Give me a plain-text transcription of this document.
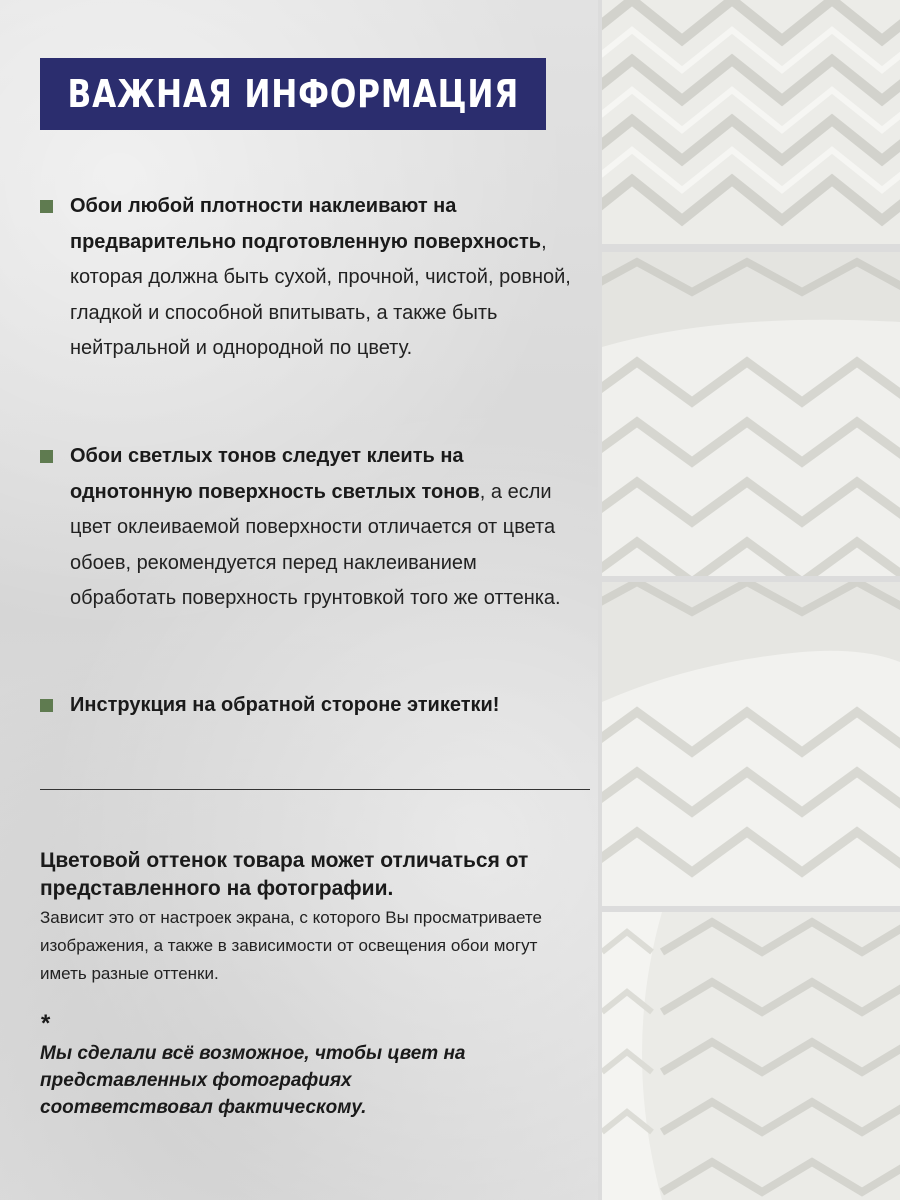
ВАЖНАЯ ИНФОРМАЦИЯ
Обои любой плотности наклеивают на предварительно подготовленную поверхность, которая должна быть сухой, прочной, чистой, ровной, гладкой и способной впитывать, а также быть нейтральной и однородной по цвету.
Обои светлых тонов следует клеить на однотонную поверхность светлых тонов, а если цвет оклеиваемой поверхности отличается от цвета обоев, рекомендуется перед наклеиванием обработать поверхность грунтовкой того же оттенка.
Инструкция на обратной стороне этикетки!
Цветовой оттенок товара может отличаться от представленного на фотографии.
Зависит это от настроек экрана, с которого Вы просматриваете изображения, а также в зависимости от освещения обои могут иметь разные оттенки.
*
Мы сделали всё возможное, чтобы цвет на представленных фотографиях соответствовал фактическому.
